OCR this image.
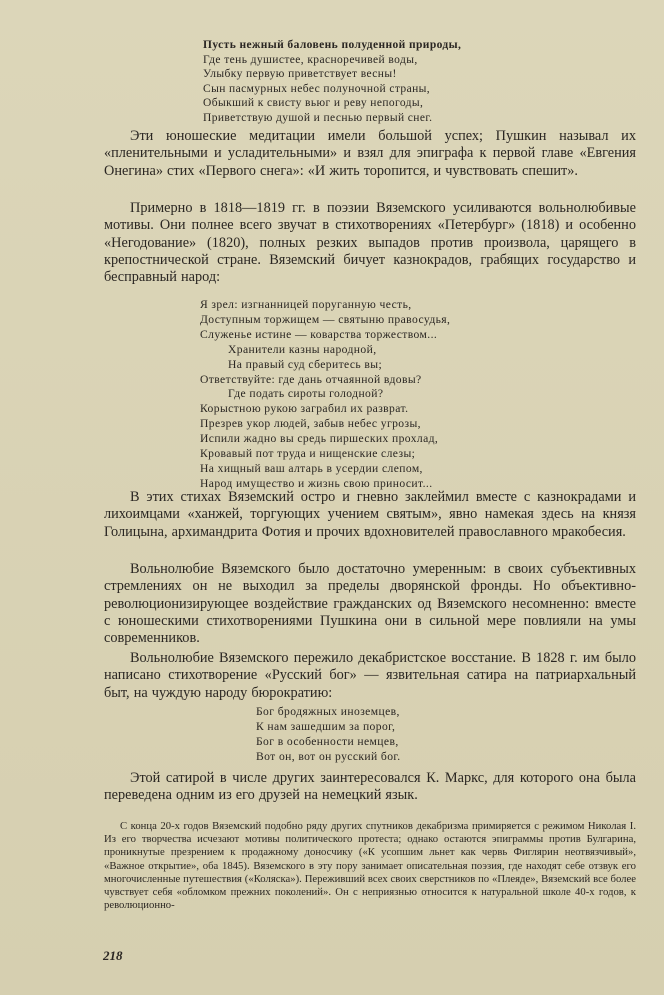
Пусть нежный баловень полуденной природы,
Где тень душистее, красноречивей воды,
Улыбку первую приветствует весны!
Сын пасмурных небес полуночной страны,
Обыкший к свисту вьюг и реву непогоды,
Приветствую душой и песнью первый снег.
Эти юношеские медитации имели большой успех; Пушкин называл их «пленительными и усладительными» и взял для эпиграфа к первой главе «Евгения Онегина» стих «Первого снега»: «И жить торопится, и чувствовать спешит».
Примерно в 1818—1819 гг. в поэзии Вяземского усиливаются вольнолюбивые мотивы. Они полнее всего звучат в стихотворениях «Петербург» (1818) и особенно «Негодование» (1820), полных резких выпадов против произвола, царящего в крепостнической стране. Вяземский бичует казнокрадов, грабящих государство и бесправный народ:
Я зрел: изгнанницей поруганную честь,
Доступным торжищем — святыню правосудья,
Служенье истине — коварства торжеством...
Хранители казны народной,
На правый суд сберитесь вы;
Ответствуйте: где дань отчаянной вдовы?
Где подать сироты голодной?
Корыстною рукою заграбил их разврат.
Презрев укор людей, забыв небес угрозы,
Испили жадно вы средь пиршеских прохлад,
Кровавый пот труда и нищенские слезы;
На хищный ваш алтарь в усердии слепом,
Народ имущество и жизнь свою приносит...
В этих стихах Вяземский остро и гневно заклеймил вместе с казнокрадами и лихоимцами «ханжей, торгующих учением святым», явно намекая здесь на князя Голицына, архимандрита Фотия и прочих вдохновителей православного мракобесия.
Вольнолюбие Вяземского было достаточно умеренным: в своих субъективных стремлениях он не выходил за пределы дворянской фронды. Но объективно-революционизирующее воздействие гражданских од Вяземского несомненно: вместе с юношескими стихотворениями Пушкина они в сильной мере повлияли на умы современников.
Вольнолюбие Вяземского пережило декабристское восстание. В 1828 г. им было написано стихотворение «Русский бог» — язвительная сатира на патриархальный быт, на чуждую народу бюрократию:
Бог бродяжных иноземцев,
К нам зашедшим за порог,
Бог в особенности немцев,
Вот он, вот он русский бог.
Этой сатирой в числе других заинтересовался К. Маркс, для которого она была переведена одним из его друзей на немецкий язык.
С конца 20-х годов Вяземский подобно ряду других спутников декабризма примиряется с режимом Николая I. Из его творчества исчезают мотивы политического протеста; однако остаются эпиграммы против Булгарина, проникнутые презрением к продажному доносчику («К усопшим льнет как червь Фиглярин неотвязчивый», «Важное открытие», оба 1845). Вяземского в эту пору занимает описательная поэзия, где находят себе отзвук его многочисленные путешествия («Коляска»). Переживший всех своих сверстников по «Плеяде», Вяземский все более чувствует себя «обломком прежних поколений». Он с неприязнью относится к натуральной школе 40-х годов, к революционно-
218
